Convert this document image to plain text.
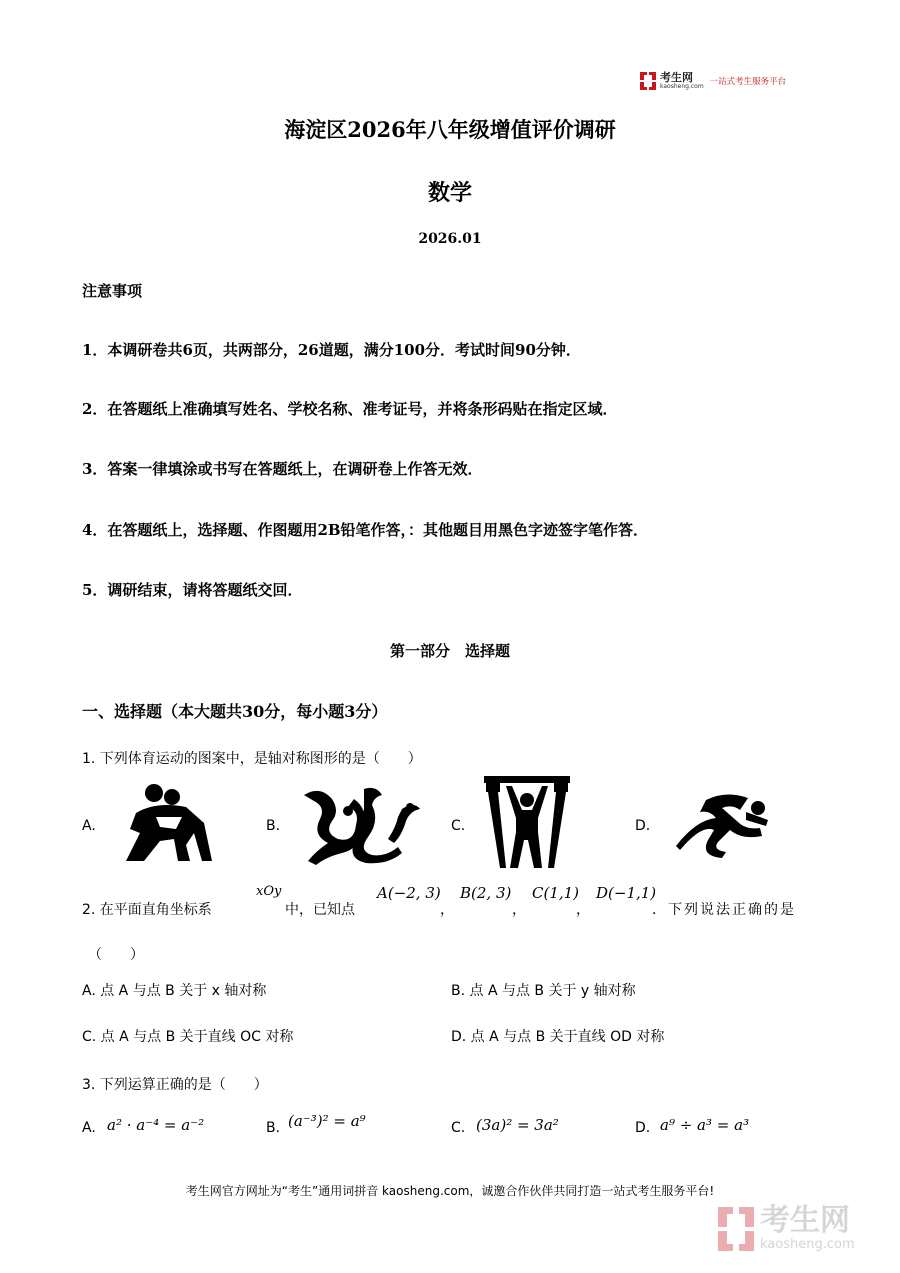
考生网
kaosheng.com 一站式考生服务平台
海淀区2026年八年级增值评价调研
数学
2026.01
注意事项
1．本调研卷共6页，共两部分，26道题，满分100分．考试时间90分钟．
2．在答题纸上准确填写姓名、学校名称、准考证号，并将条形码贴在指定区域．
3．答案一律填涂或书写在答题纸上，在调研卷上作答无效．
4．在答题纸上，选择题、作图题用2B铅笔作答，：其他题目用黑色字迹签字笔作答．
5．调研结束，请将答题纸交回．
第一部分　选择题
一、选择题（本大题共30分，每小题3分）
1. 下列体育运动的图案中，是轴对称图形的是（　　）
A.	B.	C.	D.
2. 在平面直角坐标系
xOy
中，已知点
A(−2, 3)
，
B(2, 3)
，
C(1,1)
，
D(−1,1)
．下列说法正确的是
（　　）
A. 点 A 与点 B 关于 x 轴对称	B. 点 A 与点 B 关于 y 轴对称
C. 点 A 与点 B 关于直线 OC 对称	D. 点 A 与点 B 关于直线 OD 对称
3. 下列运算正确的是（　　）
A. a² · a⁻⁴ = a⁻²	B. (a⁻³)² = a⁹	C. (3a)² = 3a²	D. a⁹ ÷ a³ = a³
考生网官方网址为“考生”通用词拼音 kaosheng.com，诚邀合作伙伴共同打造一站式考生服务平台!
考生网
kaosheng.com
